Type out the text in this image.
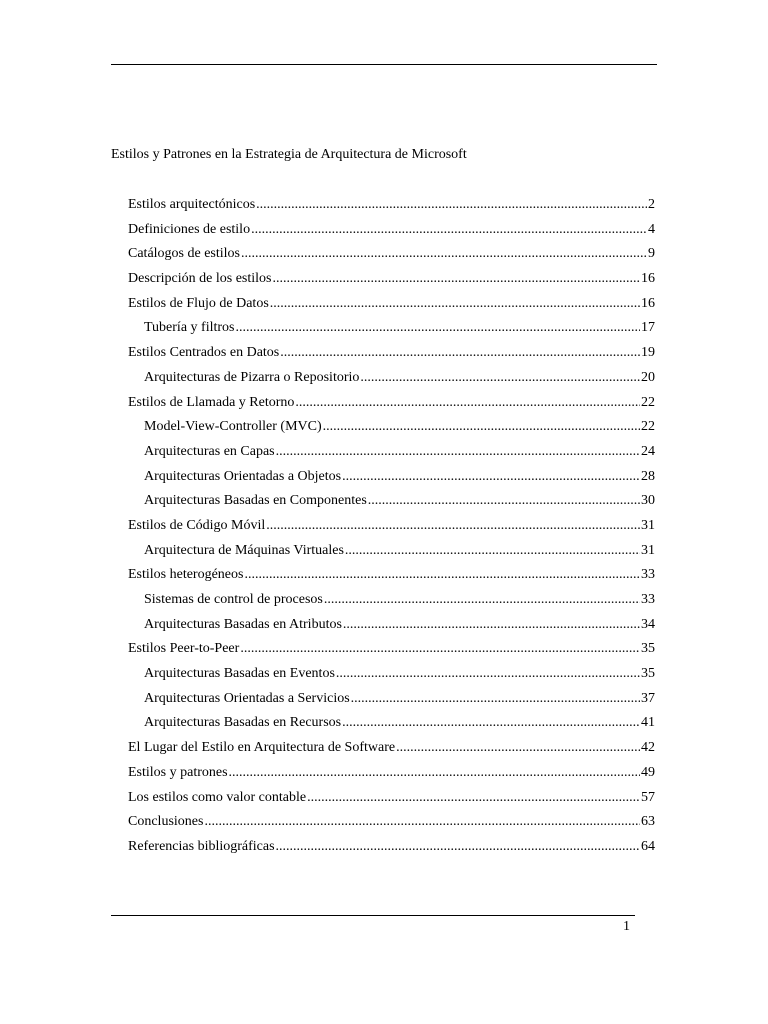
Estilos y Patrones en la Estrategia de Arquitectura de Microsoft
Estilos arquitectónicos .....	2
Definiciones de estilo .....	4
Catálogos de estilos .....	9
Descripción de los estilos .....	16
Estilos de Flujo de Datos .....	16
Tubería y filtros .....	17
Estilos Centrados en Datos .....	19
Arquitecturas de Pizarra o Repositorio .....	20
Estilos de Llamada y Retorno .....	22
Model-View-Controller (MVC) .....	22
Arquitecturas en Capas .....	24
Arquitecturas Orientadas a Objetos .....	28
Arquitecturas Basadas en Componentes .....	30
Estilos de Código Móvil .....	31
Arquitectura de Máquinas Virtuales .....	31
Estilos heterogéneos .....	33
Sistemas de control de procesos .....	33
Arquitecturas Basadas en Atributos .....	34
Estilos Peer-to-Peer .....	35
Arquitecturas Basadas en Eventos .....	35
Arquitecturas Orientadas a Servicios .....	37
Arquitecturas Basadas en Recursos .....	41
El Lugar del Estilo en Arquitectura de Software .....	42
Estilos y patrones .....	49
Los estilos como valor contable .....	57
Conclusiones .....	63
Referencias bibliográficas .....	64
1
